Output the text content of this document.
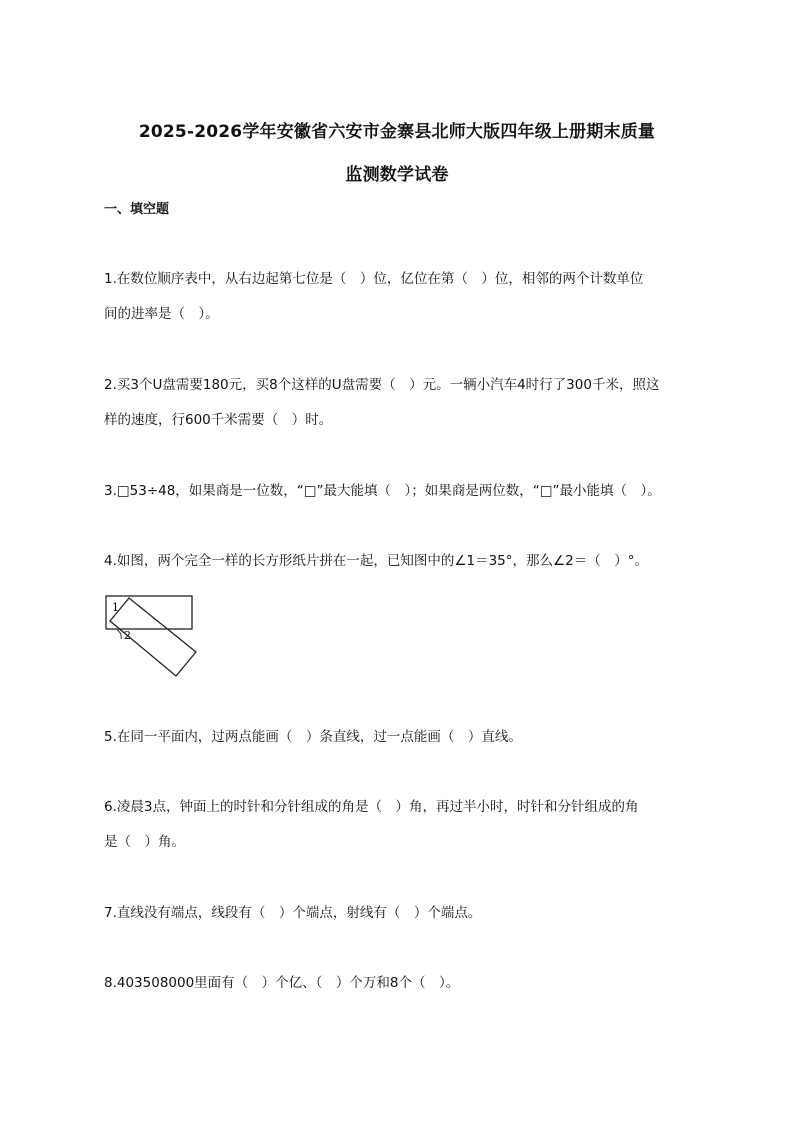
2025-2026学年安徽省六安市金寨县北师大版四年级上册期末质量
监测数学试卷
一、填空题
1.在数位顺序表中，从右边起第七位是（　）位，亿位在第（　）位，相邻的两个计数单位
间的进率是（　）。
2.买3个U盘需要180元，买8个这样的U盘需要（　）元。一辆小汽车4时行了300千米，照这
样的速度，行600千米需要（　）时。
3.□53÷48，如果商是一位数，“□”最大能填（　）；如果商是两位数，“□”最小能填（　）。
4.如图，两个完全一样的长方形纸片拼在一起，已知图中的∠1＝35°，那么∠2＝（　）°。
1
2
5.在同一平面内，过两点能画（　）条直线，过一点能画（　）直线。
6.凌晨3点，钟面上的时针和分针组成的角是（　）角，再过半小时，时针和分针组成的角
是（　）角。
7.直线没有端点，线段有（　）个端点，射线有（　）个端点。
8.403508000里面有（　）个亿、（　）个万和8个（　）。
